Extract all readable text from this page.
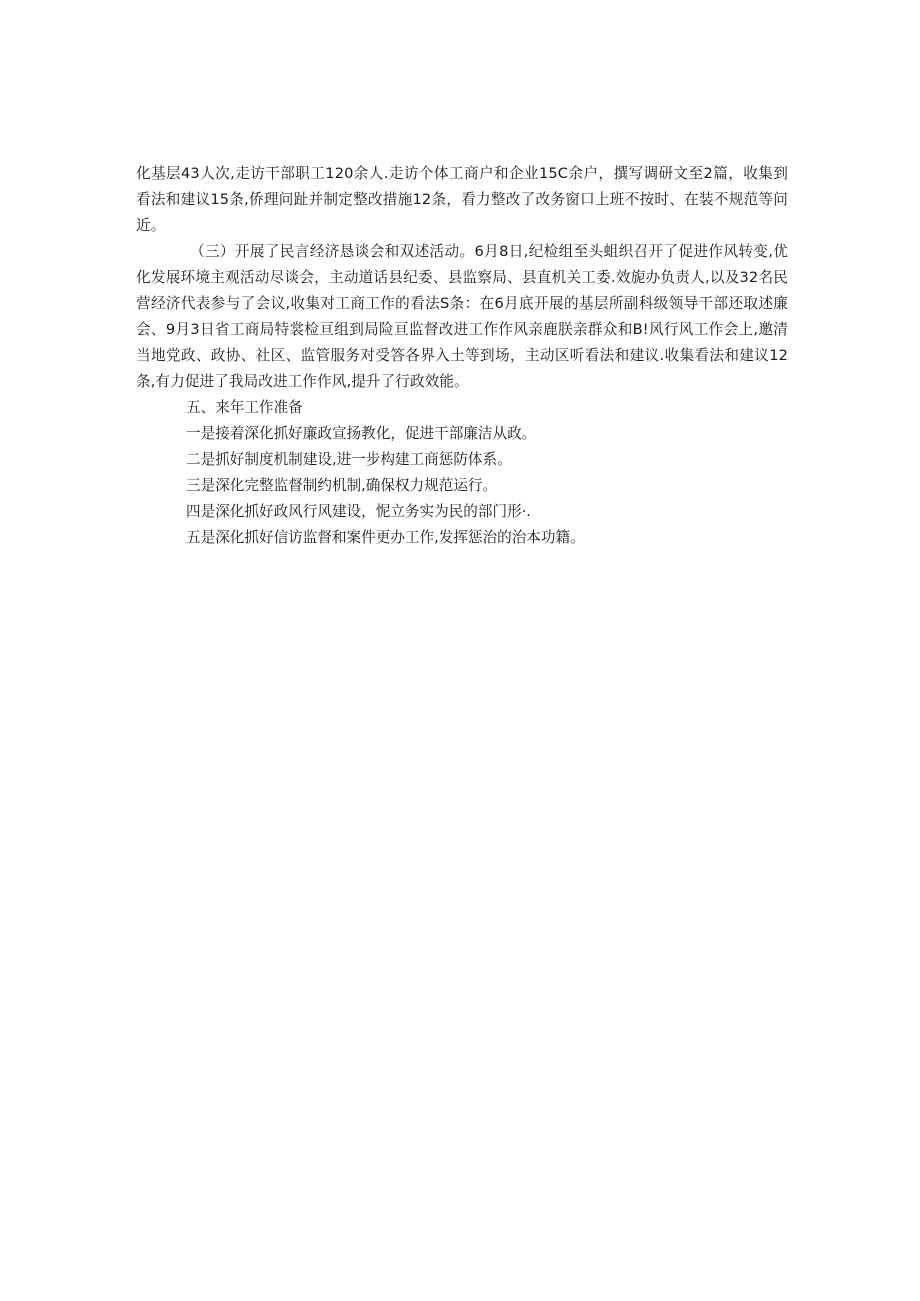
化基层43人次,走访干部职工120余人.走访个体工商户和企业15C余户，撰写调研文至2篇，收集到看法和建议15条,侨理问趾并制定整改措施12条，看力整改了改务窗口上班不按时、在装不规范等问近。

（三）开展了民言经济恳谈会和双述活动。6月8日,纪检组至头蛆织召开了促进作风转变,优化发展环境主观活动尽谈会，主动道话县纪委、县监察局、县直机关工委.效旎办负责人,以及32名民营经济代表参与了会议,收集对工商工作的看法S条：在6月底开展的基层所副科级领导干部还取述廉会、9月3日省工商局特裳检亘组到局险亘监督改进工作作风亲鹿朕亲群众和B!风行风工作会上,邀清当地党政、政协、社区、监管服务对受答各界入土等到场，主动区听看法和建议.收集看法和建议12条,有力促进了我局改进工作作风,提升了行政效能。

五、来年工作准备

一是接着深化抓好廉政宣扬教化，促进干部廉洁从政。

二是抓好制度机制建设,进一步构建工商惩防体系。

三是深化完整监督制约机制,确保权力规范运行。

四是深化抓好政风行风建设，怩立务实为民的部门形·.

五是深化抓好信访监督和案件更办工作,发挥惩治的治本功籍。
